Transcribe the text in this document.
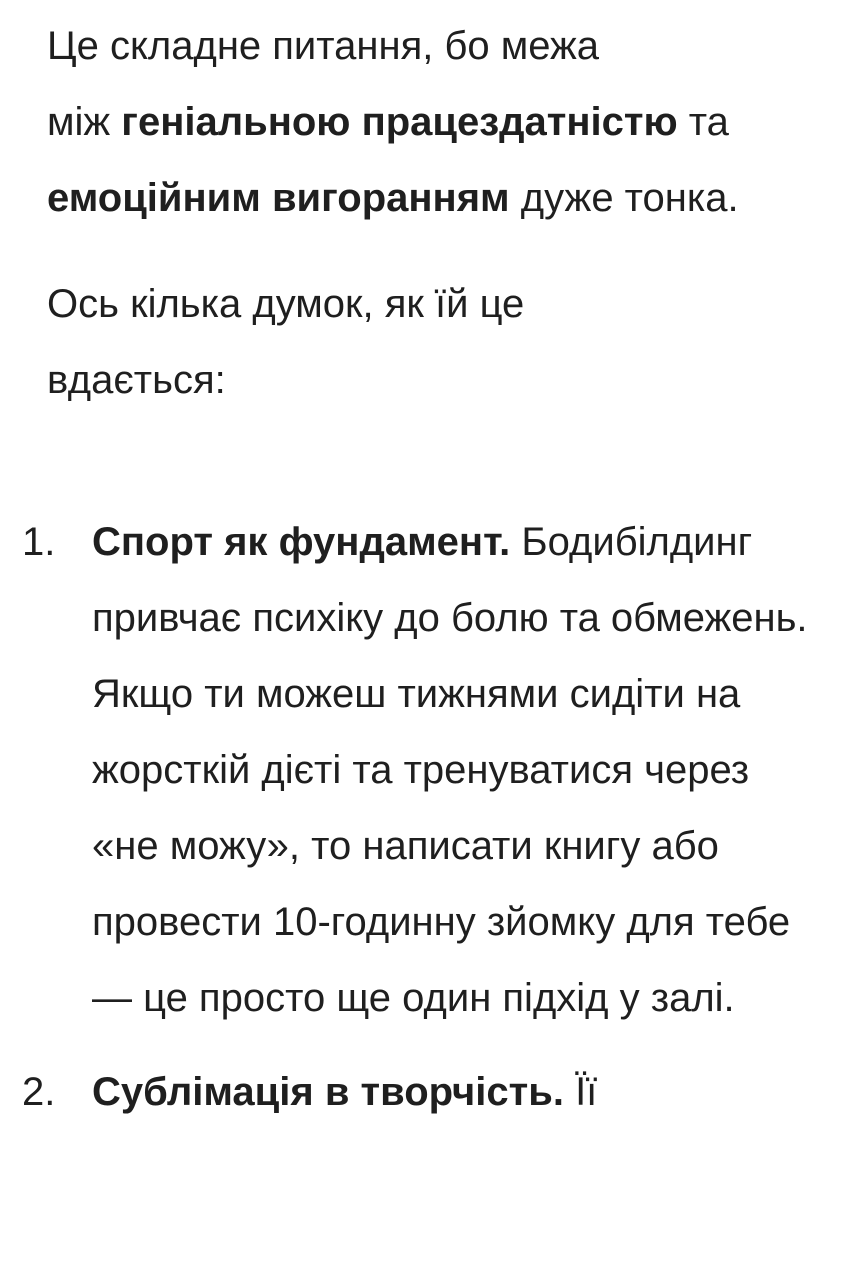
Це складне питання, бо межа
між геніальною працездатністю та емоційним вигоранням дуже тонка.

Ось кілька думок, як їй це вдається:

1. Спорт як фундамент. Бодибілдинг привчає психіку до болю та обмежень. Якщо ти можеш тижнями сидіти на жорсткій дієті та тренуватися через «не можу», то написати книгу або провести 10-годинну зйомку для тебе — це просто ще один підхід у залі.
2. Сублімація в творчість. Її
